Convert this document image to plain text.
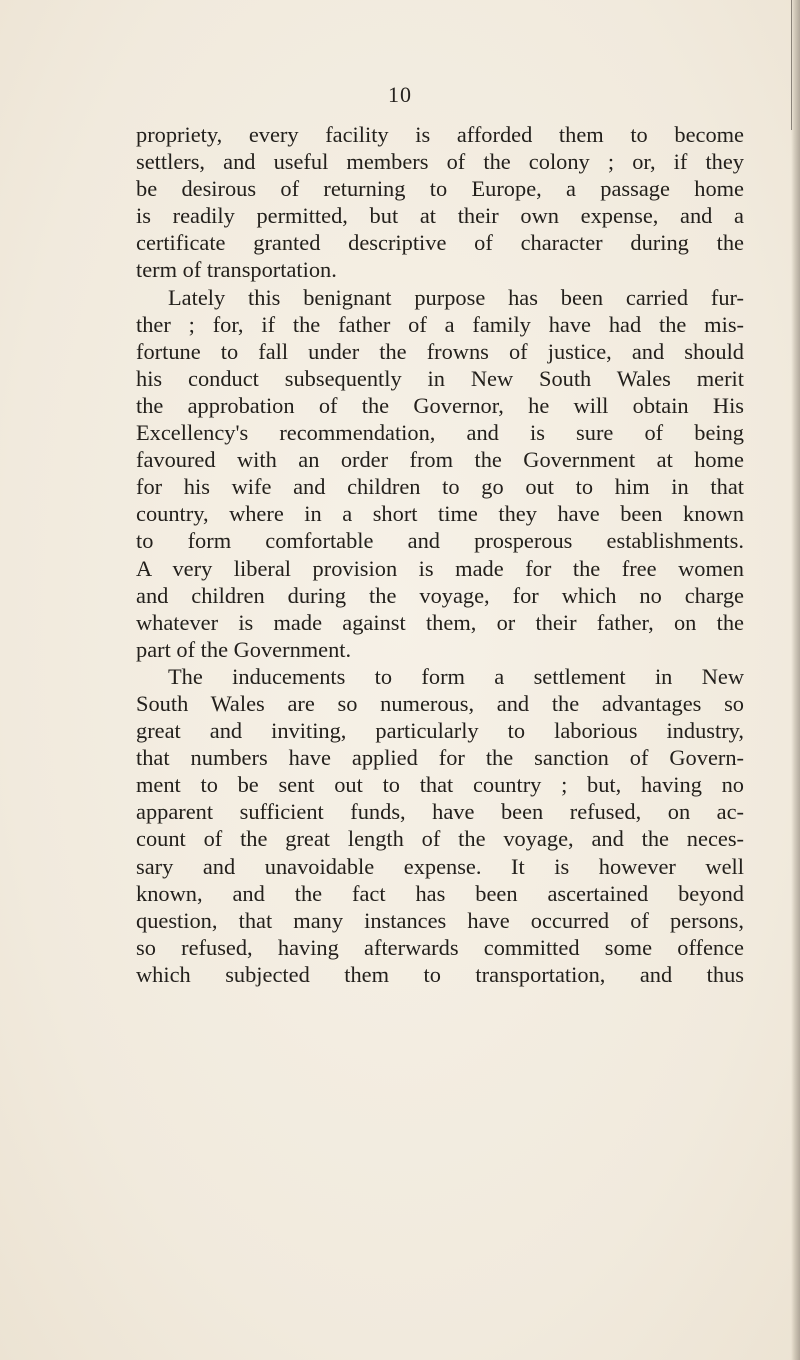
10
propriety, every facility is afforded them to become
settlers, and useful members of the colony ; or, if they
be desirous of returning to Europe, a passage home
is readily permitted, but at their own expense, and a
certificate granted descriptive of character during the
term of transportation.
Lately this benignant purpose has been carried fur-
ther ; for, if the father of a family have had the mis-
fortune to fall under the frowns of justice, and should
his conduct subsequently in New South Wales merit
the approbation of the Governor, he will obtain His
Excellency's recommendation, and is sure of being
favoured with an order from the Government at home
for his wife and children to go out to him in that
country, where in a short time they have been known
to form comfortable and prosperous establishments.
A very liberal provision is made for the free women
and children during the voyage, for which no charge
whatever is made against them, or their father, on the
part of the Government.
The inducements to form a settlement in New
South Wales are so numerous, and the advantages so
great and inviting, particularly to laborious industry,
that numbers have applied for the sanction of Govern-
ment to be sent out to that country ; but, having no
apparent sufficient funds, have been refused, on ac-
count of the great length of the voyage, and the neces-
sary and unavoidable expense. It is however well
known, and the fact has been ascertained beyond
question, that many instances have occurred of persons,
so refused, having afterwards committed some offence
which subjected them to transportation, and thus
